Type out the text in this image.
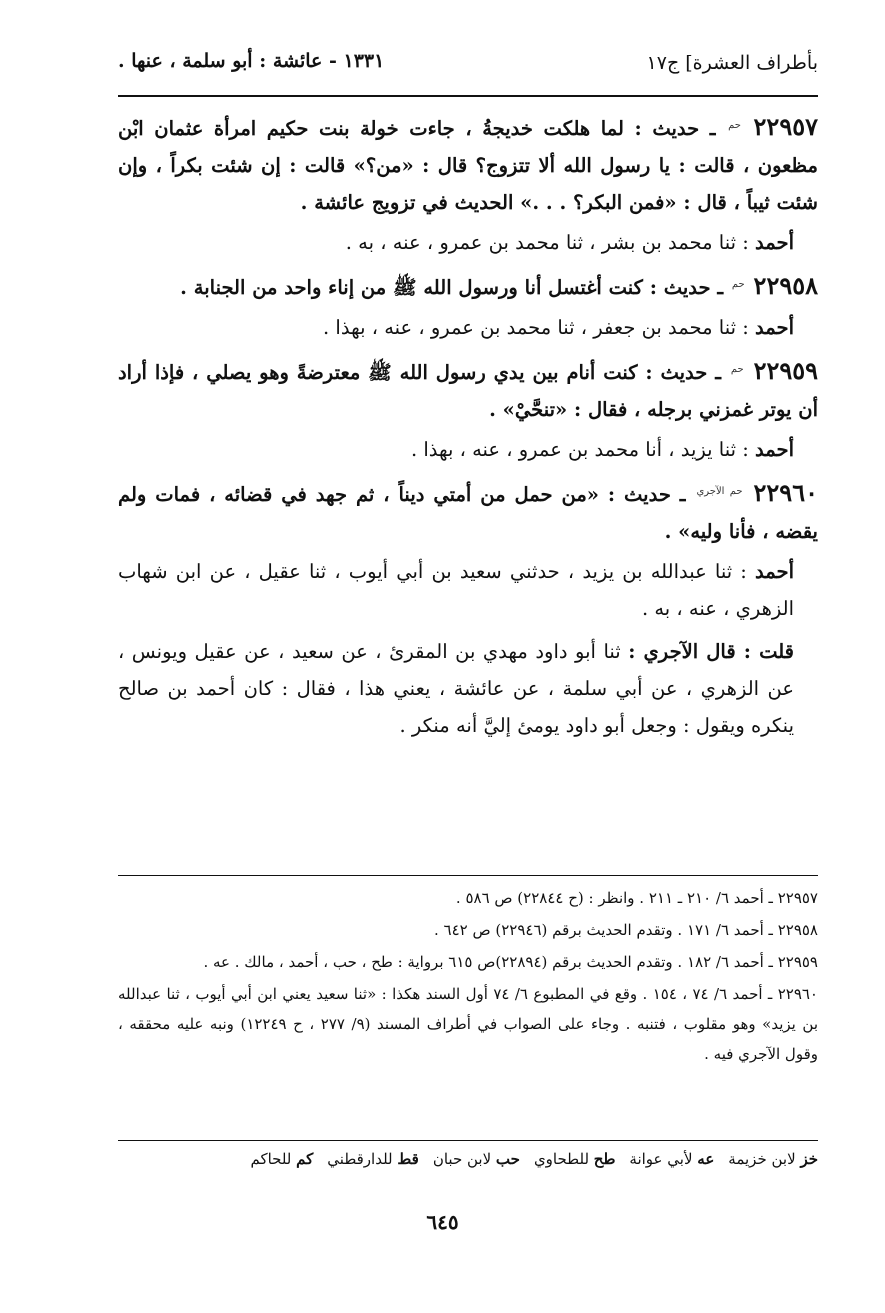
بأطراف العشرة] ج١٧
١٣٣١ - عائشة : أبو سلمة ، عنها .
٢٢٩٥٧ $^{حم}$ ـ حديث : لما هلكت خديجةُ ، جاءت خولة بنت حكيم امرأة عثمان ابْن مظعون ، قالت : يا رسول الله ألا تتزوج؟ قال : «من؟» قالت : إن شئت بكراً ، وإن شئت ثيباً ، قال : «فمن البكر؟ . . .» الحديث في تزويج عائشة .
أحمد : ثنا محمد بن بشر ، ثنا محمد بن عمرو ، عنه ، به .
٢٢٩٥٨ $^{حم}$ ـ حديث : كنت أغتسل أنا ورسول الله ﷺ من إناء واحد من الجنابة .
أحمد : ثنا محمد بن جعفر ، ثنا محمد بن عمرو ، عنه ، بهذا .
٢٢٩٥٩ $^{حم}$ ـ حديث : كنت أنام بين يدي رسول الله ﷺ معترضةً وهو يصلي ، فإذا أراد أن يوتر غمزني برجله ، فقال : «تنحَّيْ» .
أحمد : ثنا يزيد ، أنا محمد بن عمرو ، عنه ، بهذا .
٢٢٩٦٠ $^{حم الآجري}$ ـ حديث : «من حمل من أمتي ديناً ، ثم جهد في قضائه ، فمات ولم يقضه ، فأنا وليه» .
أحمد : ثنا عبدالله بن يزيد ، حدثني سعيد بن أبي أيوب ، ثنا عقيل ، عن ابن شهاب الزهري ، عنه ، به .
قلت : قال الآجري : ثنا أبو داود مهدي بن المقرئ ، عن سعيد ، عن عقيل ويونس ، عن الزهري ، عن أبي سلمة ، عن عائشة ، يعني هذا ، فقال : كان أحمد بن صالح ينكره ويقول : وجعل أبو داود يومئ إليَّ أنه منكر .

٢٢٩٥٧ ـ أحمد ٦/ ٢١٠ ـ ٢١١ . وانظر : (ح ٢٢٨٤٤) ص ٥٨٦ .

٢٢٩٥٨ ـ أحمد ٦/ ١٧١ . وتقدم الحديث برقم (٢٢٩٤٦) ص ٦٤٢ .

٢٢٩٥٩ ـ أحمد ٦/ ١٨٢ . وتقدم الحديث برقم (٢٢٨٩٤)ص ٦١٥ برواية : طح ، حب ، أحمد ، مالك . عه .

٢٢٩٦٠ ـ أحمد ٦/ ٧٤ ، ١٥٤ . وقع في المطبوع ٦/ ٧٤ أول السند هكذا : «ثنا سعيد يعني ابن أبي أيوب ، ثنا عبدالله بن يزيد» وهو مقلوب ، فتنبه . وجاء على الصواب في أطراف المسند (٩/ ٢٧٧ ، ح ١٢٢٤٩) ونبه عليه محققه ، وقول الآجري فيه .

خز لابن خزيمة
عه لأبي عوانة
طح للطحاوي
حب لابن حبان
قط للدارقطني
كم للحاكم
٦٤٥
